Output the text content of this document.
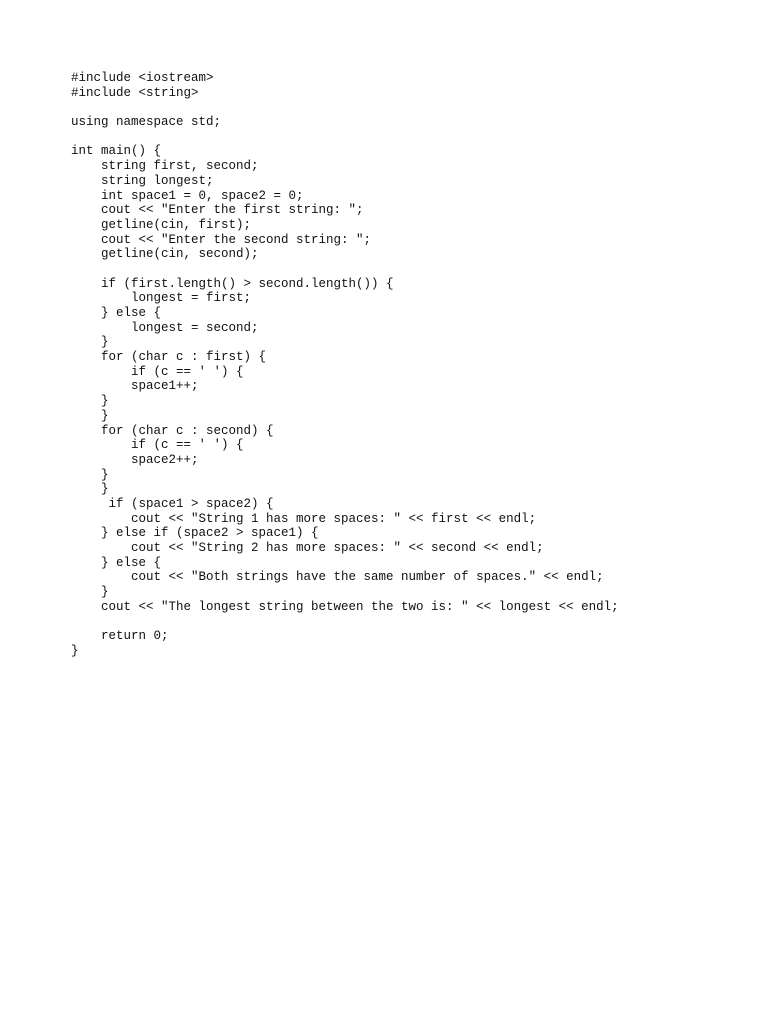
#include <iostream>
#include <string>
using namespace std;
int main() {
string first, second;
string longest;
int space1 = 0, space2 = 0;
cout << "Enter the first string: ";
getline(cin, first);
cout << "Enter the second string: ";
getline(cin, second);
if (first.length() > second.length()) {
longest = first;
} else {
longest = second;
}
for (char c : first) {
if (c == ' ') {
space1++;
}
}
for (char c : second) {
if (c == ' ') {
space2++;
}
}
if (space1 > space2) {
cout << "String 1 has more spaces: " << first << endl;
} else if (space2 > space1) {
cout << "String 2 has more spaces: " << second << endl;
} else {
cout << "Both strings have the same number of spaces." << endl;
}
cout << "The longest string between the two is: " << longest << endl;
return 0;
}
